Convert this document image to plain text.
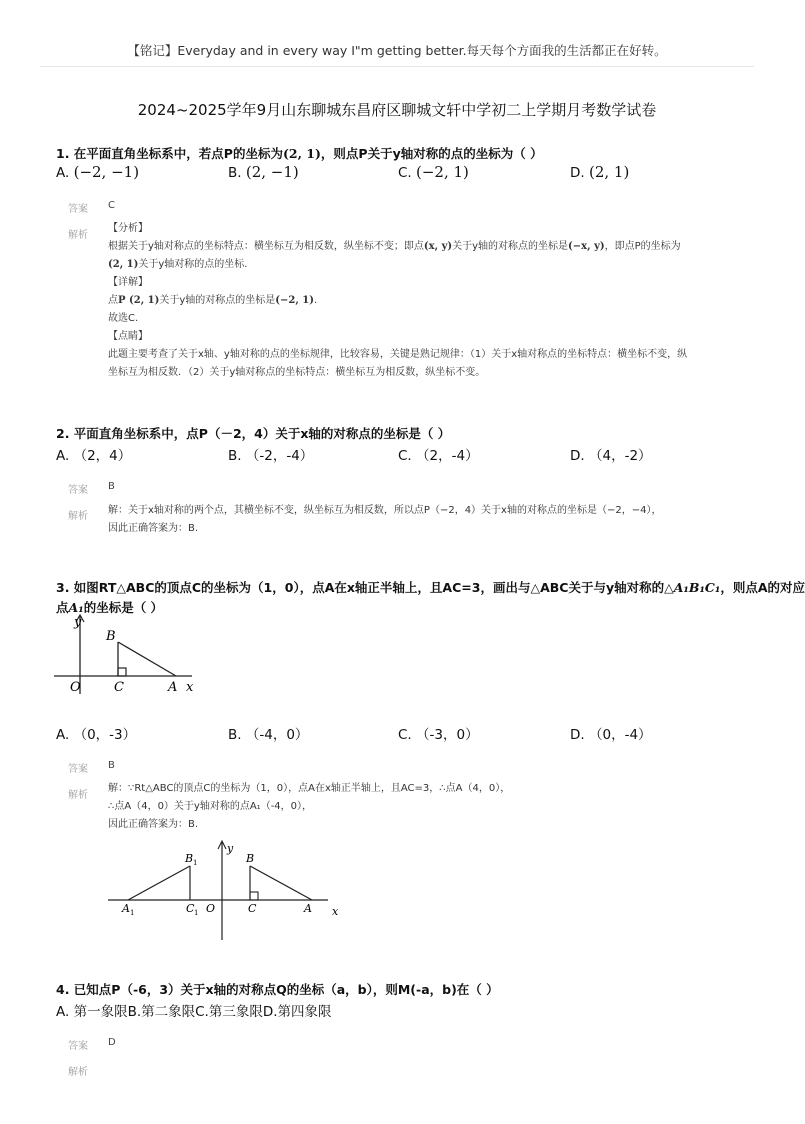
【铭记】Everyday and in every way I"m getting better.每天每个方面我的生活都正在好转。
2024~2025学年9月山东聊城东昌府区聊城文轩中学初二上学期月考数学试卷
1. 在平面直角坐标系中，若点P的坐标为(2, 1)，则点P关于y轴对称的点的坐标为（ ）
A. (−2, −1)	B. (2, −1)	C. (−2, 1)	D. (2, 1)
答案 C
解析
【分析】
根据关于y轴对称点的坐标特点：横坐标互为相反数，纵坐标不变；即点(x, y)关于y轴的对称点的坐标是(−x, y)，即点P的坐标为
(2, 1)关于y轴对称的点的坐标.
【详解】
点P (2, 1)关于y轴的对称点的坐标是(−2, 1).
故选C.
【点睛】
此题主要考查了关于x轴、y轴对称的点的坐标规律，比较容易，关键是熟记规律：（1）关于x轴对称点的坐标特点：横坐标不变，纵
坐标互为相反数．（2）关于y轴对称点的坐标特点：横坐标互为相反数，纵坐标不变。
2. 平面直角坐标系中，点P（－2，4）关于x轴的对称点的坐标是（ ）
A. （2，4）	B. （-2，-4）	C. （2，-4）	D. （4，-2）
答案 B
解析
解：关于x轴对称的两个点，其横坐标不变，纵坐标互为相反数，所以点P（−2，4）关于x轴的对称点的坐标是（−2，−4），
因此正确答案为：B.
3. 如图RT△ABC的顶点C的坐标为（1，0），点A在x轴正半轴上，且AC=3，画出与△ABC关于与y轴对称的△A₁B₁C₁，则点A的对应
点A₁的坐标是（ ）
y
x
O
B
C	A
A. （0，-3）	B. （-4，0）	C. （-3，0）	D. （0，-4）
答案 B
解析
解：∵Rt△ABC的顶点C的坐标为（1，0），点A在x轴正半轴上，且AC=3，∴点A（4，0），
∴点A（4，0）关于y轴对称的点A₁（-4，0），
因此正确答案为：B.
y
x
O
B
C	A
B 1
C 1
A 1
4. 已知点P（-6，3）关于x轴的对称点Q的坐标（a，b），则M(-a，b)在（ ）
A. 第一象限B.第二象限C.第三象限D.第四象限
答案 D
解析
